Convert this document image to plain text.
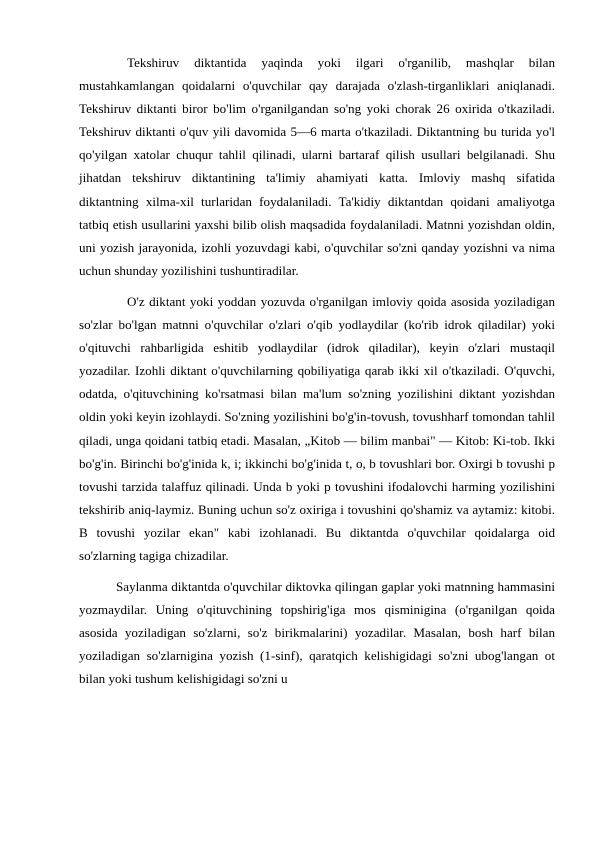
Tekshiruv diktantida yaqinda yoki ilgari o'rganilib, mashqlar bilan mustahkamlangan qoidalarni o'quvchilar qay darajada o'zlash-tirganliklari aniqlanadi. Tekshiruv diktanti biror bo'lim o'rganilgandan so'ng yoki chorak 26 oxirida o'tkaziladi. Tekshiruv diktanti o'quv yili davomida 5—6 marta o'tkaziladi. Diktantning bu turida yo'l qo'yilgan xatolar chuqur tahlil qilinadi, ularni bartaraf qilish usullari belgilanadi. Shu jihatdan tekshiruv diktantining ta'limiy ahamiyati katta. Imloviy mashq sifatida diktantning xilma-xil turlaridan foydalaniladi. Ta'kidiy diktantdan qoidani amaliyotga tatbiq etish usullarini yaxshi bilib olish maqsadida foydalaniladi. Matnni yozishdan oldin, uni yozish jarayonida, izohli yozuvdagi kabi, o'quvchilar so'zni qanday yozishni va nima uchun shunday yozilishini tushuntiradilar.

O'z diktant yoki yoddan yozuvda o'rganilgan imloviy qoida asosida yoziladigan so'zlar bo'lgan matnni o'quvchilar o'zlari o'qib yodlaydilar (ko'rib idrok qiladilar) yoki o'qituvchi rahbarligida eshitib yodlaydilar (idrok qiladilar), keyin o'zlari mustaqil yozadilar. Izohli diktant o'quvchilarning qobiliyatiga qarab ikki xil o'tkaziladi. O'quvchi, odatda, o'qituvchining ko'rsatmasi bilan ma'lum so'zning yozilishini diktant yozishdan oldin yoki keyin izohlaydi. So'zning yozilishini bo'g'in-tovush, tovushharf tomondan tahlil qiladi, unga qoidani tatbiq etadi. Masalan, „Kitob — bilim manbai" — Kitob: Ki-tob. Ikki bo'g'in. Birinchi bo'g'inida k, i; ikkinchi bo'g'inida t, o, b tovushlari bor. Oxirgi b tovushi p tovushi tarzida talaffuz qilinadi. Unda b yoki p tovushini ifodalovchi harming yozilishini tekshirib aniq-laymiz. Buning uchun so'z oxiriga i tovushini qo'shamiz va aytamiz: kitobi. B tovushi yozilar ekan" kabi izohlanadi. Bu diktantda o'quvchilar qoidalarga oid so'zlarning tagiga chizadilar.

Saylanma diktantda o'quvchilar diktovka qilingan gaplar yoki matnning hammasini yozmaydilar. Uning o'qituvchining topshirig'iga mos qisminigina (o'rganilgan qoida asosida yoziladigan so'zlarni, so'z birikmalarini) yozadilar. Masalan, bosh harf bilan yoziladigan so'zlarnigina yozish (1-sinf), qaratqich kelishigidagi so'zni ubog'langan ot bilan yoki tushum kelishigidagi so'zni u
